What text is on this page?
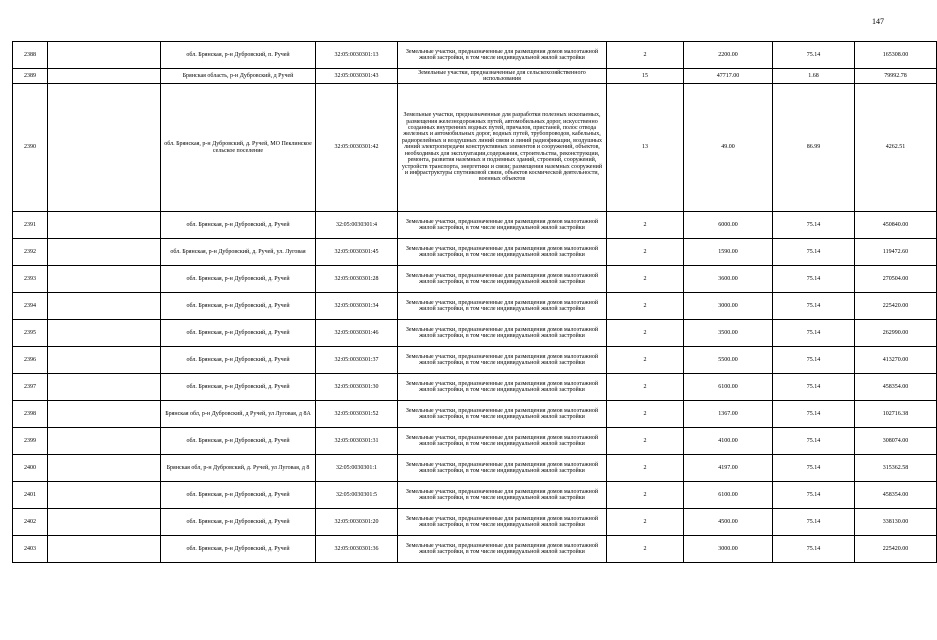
147
2388		обл. Брянская, р-н Дубровский, п. Ручей	32:05:0030301:13	Земельные участки, предназначенные для размещения домов малоэтажной жилой застройки, в том числе индивидуальной жилой застройки	2	2200.00	75.14	165308.00
2389		Брянская область, р-н Дубровский, д Ручей	32:05:0030301:43	Земельные участки, предназначенные для сельскохозяйственного использования	15	47717.00	1.68	79992.78
2390		обл. Брянская, р-н Дубровский, д. Ручей, МО Пеклинское сельское поселение	32:05:0030301:42	Земельные участки, предназначенные для разработки полезных ископаемых, размещения железнодорожных путей, автомобильных дорог, искусственно созданных внутренних водных путей, причалов, пристаней, полос отвода железных и автомобильных дорог, водных путей, трубопроводов, кабельных, радиорелейных и воздушных линий связи и линий радиофикации, воздушных линий электропередачи конструктивных элементов и сооружений, объектов, необходимых для эксплуатации,содержания, строительства, реконструкции, ремонта, развития наземных и подземных зданий, строений, сооружений, устройств транспорта, энергетики и связи; размещения наземных сооружений и инфраструктуры спутниковой связи, объектов космической деятельности, военных объектов	13	49.00	86.99	4262.51
2391		обл. Брянская, р-н Дубровский, д. Ручей	32:05:0030301:4	Земельные участки, предназначенные для размещения домов малоэтажной жилой застройки, в том числе индивидуальной жилой застройки	2	6000.00	75.14	450840.00
2392		обл. Брянская, р-н Дубровский, д. Ручей, ул. Луговая	32:05:0030301:45	Земельные участки, предназначенные для размещения домов малоэтажной жилой застройки, в том числе индивидуальной жилой застройки	2	1590.00	75.14	119472.60
2393		обл. Брянская, р-н Дубровский, д. Ручей	32:05:0030301:28	Земельные участки, предназначенные для размещения домов малоэтажной жилой застройки, в том числе индивидуальной жилой застройки	2	3600.00	75.14	270504.00
2394		обл. Брянская, р-н Дубровский, д. Ручей	32:05:0030301:34	Земельные участки, предназначенные для размещения домов малоэтажной жилой застройки, в том числе индивидуальной жилой застройки	2	3000.00	75.14	225420.00
2395		обл. Брянская, р-н Дубровский, д. Ручей	32:05:0030301:46	Земельные участки, предназначенные для размещения домов малоэтажной жилой застройки, в том числе индивидуальной жилой застройки	2	3500.00	75.14	262990.00
2396		обл. Брянская, р-н Дубровский, д. Ручей	32:05:0030301:37	Земельные участки, предназначенные для размещения домов малоэтажной жилой застройки, в том числе индивидуальной жилой застройки	2	5500.00	75.14	413270.00
2397		обл. Брянская, р-н Дубровский, д. Ручей	32:05:0030301:30	Земельные участки, предназначенные для размещения домов малоэтажной жилой застройки, в том числе индивидуальной жилой застройки	2	6100.00	75.14	458354.00
2398		Брянская обл, р-н Дубровский, д Ручей, ул Луговая, д 8А	32:05:0030301:52	Земельные участки, предназначенные для размещения домов малоэтажной жилой застройки, в том числе индивидуальной жилой застройки	2	1367.00	75.14	102716.38
2399		обл. Брянская, р-н Дубровский, д. Ручей	32:05:0030301:31	Земельные участки, предназначенные для размещения домов малоэтажной жилой застройки, в том числе индивидуальной жилой застройки	2	4100.00	75.14	308074.00
2400		Брянская обл, р-н Дубровский, д. Ручей, ул Луговая, д 8	32:05:0030301:1	Земельные участки, предназначенные для размещения домов малоэтажной жилой застройки, в том числе индивидуальной жилой застройки	2	4197.00	75.14	315362.58
2401		обл. Брянская, р-н Дубровский, д. Ручей	32:05:0030301:5	Земельные участки, предназначенные для размещения домов малоэтажной жилой застройки, в том числе индивидуальной жилой застройки	2	6100.00	75.14	458354.00
2402		обл. Брянская, р-н Дубровский, д. Ручей	32:05:0030301:20	Земельные участки, предназначенные для размещения домов малоэтажной жилой застройки, в том числе индивидуальной жилой застройки	2	4500.00	75.14	338130.00
2403		обл. Брянская, р-н Дубровский, д. Ручей	32:05:0030301:36	Земельные участки, предназначенные для размещения домов малоэтажной жилой застройки, в том числе индивидуальной жилой застройки	2	3000.00	75.14	225420.00
